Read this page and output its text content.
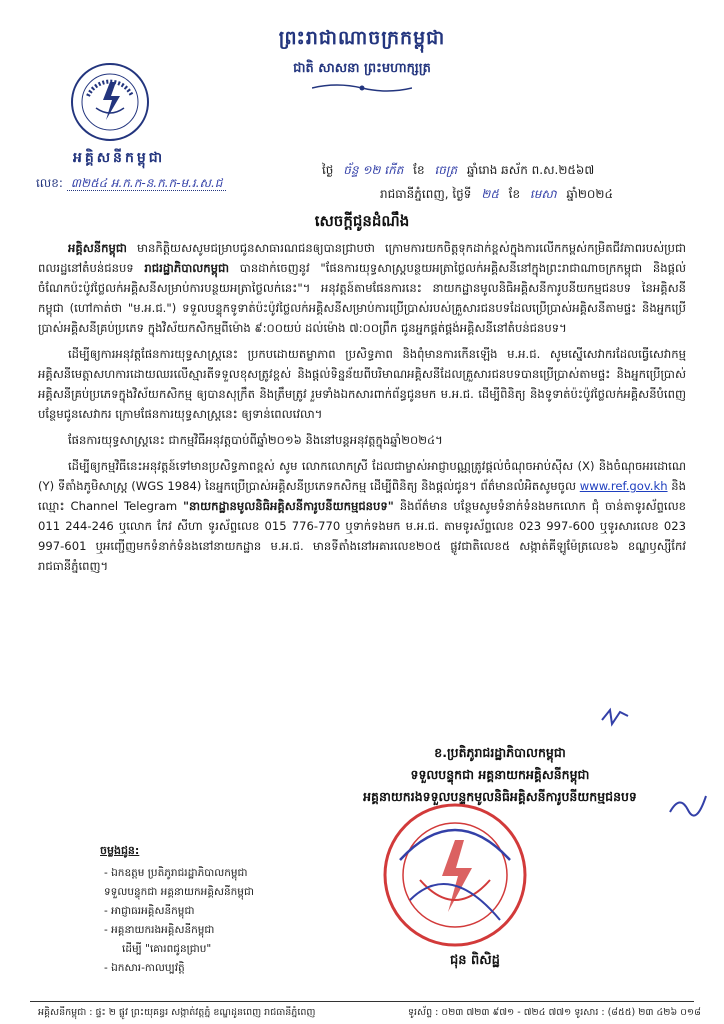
ព្រះរាជាណាចក្រកម្ពុជា
ជាតិ សាសនា ព្រះមហាក្សត្រ
អគ្គិសនីកម្ពុជា
លេខ: ៣២៥៤ អ.ក.ក-ន.ក.ក-ម.រ.ស.ជ
ថ្ងៃ ច័ន្ទ ១២ កើត ខែ ចេត្រ ឆ្នាំរោង ឆស័ក ព.ស.២៥៦៧
រាជធានីភ្នំពេញ, ថ្ងៃទី ២៥ ខែ មេសា ឆ្នាំ២០២៤
សេចក្តីជូនដំណឹង

អគ្គិសនីកម្ពុជា មានកិត្តិយសសូមជម្រាបជូនសាធារណជនឲ្យបានជ្រាបថា ក្រោមការយកចិត្តទុកដាក់ខ្ពស់ក្នុងការលើកកម្ពស់កម្រិតជីវភាពរបស់ប្រជាពលរដ្ឋនៅតំបន់ជនបទ រាជរដ្ឋាភិបាលកម្ពុជា បានដាក់ចេញនូវ "ផែនការយុទ្ធសាស្ត្របន្ថយអត្រាថ្លៃលក់អគ្គិសនីនៅក្នុងព្រះរាជាណាចក្រកម្ពុជា និងផ្តល់ចំណែកប៉ះប៉ូវថ្លៃលក់អគ្គិសនីសម្រាប់ការបន្ថយអត្រាថ្លៃលក់នេះ"។ អនុវត្តន៍តាមផែនការនេះ នាយកដ្ឋានមូលនិធិអគ្គិសនីការូបនីយកម្មជនបទ នៃអគ្គិសនីកម្ពុជា (ហៅកាត់ថា "ម.អ.ជ.") ទទួលបន្ទុកទូទាត់ប៉ះប៉ូវថ្លៃលក់អគ្គិសនីសម្រាប់ការប្រើប្រាស់របស់គ្រួសារជនបទដែលប្រើប្រាស់អគ្គិសនីតាមផ្ទះ និងអ្នកប្រើប្រាស់អគ្គិសនីគ្រប់ប្រភេទ ក្នុងវិស័យកសិកម្មពីម៉ោង ៩:០០យប់ ដល់ម៉ោង ៧:០០ព្រឹក ជូនអ្នកផ្គត់ផ្គង់អគ្គិសនីនៅតំបន់ជនបទ។

ដើម្បីឲ្យការអនុវត្តផែនការយុទ្ធសាស្ត្រនេះ ប្រកបដោយតម្លាភាព ប្រសិទ្ធភាព និងពុំមានការកើនឡើង ម.អ.ជ. សូមស្នើសេវាករដែលធ្វើសេវាកម្មអគ្គិសនីមេត្តាសហការដោយឈរលើស្មារតីទទួលខុសត្រូវខ្ពស់ និងផ្តល់ទិន្នន័យពីបរិមាណអគ្គិសនីដែលគ្រួសារជនបទបានប្រើប្រាស់តាមផ្ទះ និងអ្នកប្រើប្រាស់អគ្គិសនីគ្រប់ប្រភេទក្នុងវិស័យកសិកម្ម ឲ្យបានសុក្រឹត និងត្រឹមត្រូវ រួមទាំងឯកសារពាក់ព័ន្ធជូនមក ម.អ.ជ. ដើម្បីពិនិត្យ និងទូទាត់ប៉ះប៉ូវថ្លៃលក់អគ្គិសនីបំពេញបន្ថែមជូនសេវាករ ក្រោមផែនការយុទ្ធសាស្ត្រនេះ ឲ្យទាន់ពេលវេលា។

ផែនការយុទ្ធសាស្ត្រនេះ ជាកម្មវិធីអនុវត្តបាប់ពីឆ្នាំ២០១៦ និងនៅបន្តអនុវត្តក្នុងឆ្នាំ២០២៤។

ដើម្បីឲ្យកម្មវិធីនេះអនុវត្តន៍ទៅមានប្រសិទ្ធភាពខ្ពស់ សូម លោកលោកស្រី ដែលជាម្ចាស់អាជ្ញាបណ្ណត្រូវផ្តល់ចំណុចអាប់ស៊ីស (X) និងចំណុចអរដោណេ (Y) ទីតាំងភូមិសាស្ត្រ (WGS 1984) នៃអ្នកប្រើប្រាស់អគ្គិសនីប្រភេទកសិកម្ម ដើម្បីពិនិត្យ និងផ្តល់ជូន។ ព័ត៌មានលំអិតសូមចូល www.ref.gov.kh និងឈ្មោះ Channel Telegram "នាយកដ្ឋានមូលនិធិអគ្គិសនីការូបនីយកម្មជនបទ" និងព័ត៌មាន បន្ថែមសូមទំនាក់ទំនងមកលោក ជុំ ចាន់តាទូរស័ព្ទលេខ 011 244-246 ឬលោក កែវ សីហា ទូរស័ព្ទលេខ 015 776-770 ឬទាក់ទងមក ម.អ.ជ. តាមទូរស័ព្ទលេខ 023 997-600 ឬទូរសារលេខ 023 997-601 ឬអញ្ជើញមកទំនាក់ទំនងនៅនាយកដ្ឋាន ម.អ.ជ. មានទីតាំងនៅអគារលេខ២០៥ ផ្លូវជាតិលេខ៥ សង្កាត់គីឡូម៉ែត្រលេខ៦ ខណ្ឌឫស្សីកែវ រាជធានីភ្នំពេញ។

ខ.ប្រតិភូរាជរដ្ឋាភិបាលកម្ពុជា
ទទួលបន្ទុកជា អគ្គនាយកអគ្គិសនីកម្ពុជា
អគ្គនាយករងទទួលបន្ទុកមូលនិធិអគ្គិសនីការូបនីយកម្មជនបទ
ជុន ពិសិដ្ឋ
ចម្លងជូន:
- ឯកឧត្តម ប្រតិភូរាជរដ្ឋាភិបាលកម្ពុជា
ទទួលបន្ទុកជា អគ្គនាយកអគ្គិសនីកម្ពុជា
- អាជ្ញាធរអគ្គិសនីកម្ពុជា
- អគ្គនាយករងអគ្គិសនីកម្ពុជា
ដើម្បី "គោរពជូនជ្រាប"
- ឯកសារ-កាលប្បវត្តិ
អគ្គិសនីកម្ពុជា : ផ្ទះ ២ ផ្លូវ ព្រះយុគន្ធរ សង្កាត់វត្តភ្នំ ខណ្ឌដូនពេញ រាជធានីភ្នំពេញ	ទូរស័ព្ទ : ០២៣ ៧២៣ ៩៧១ - ៧២៤ ៧៧១ ទូរសារ : (៨៥៥) ២៣ ៤២៦ ០១៨
